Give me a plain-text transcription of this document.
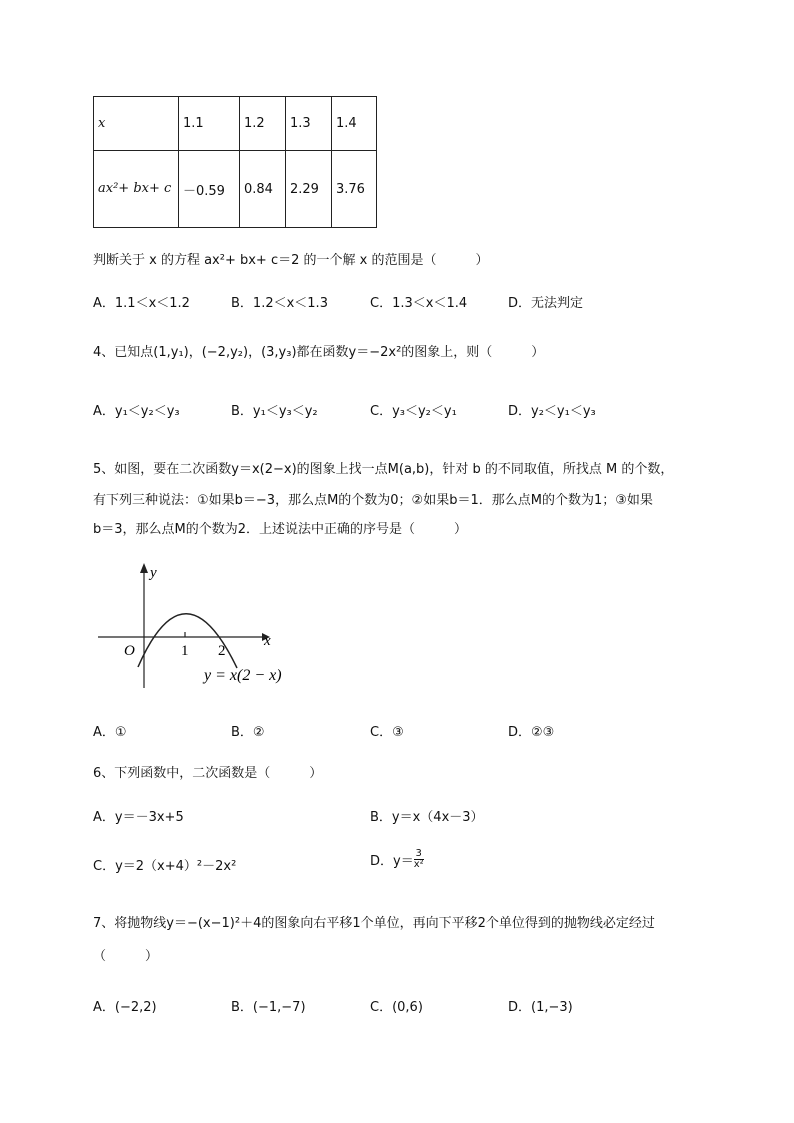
x	1.1	1.2	1.3	1.4
ax²+ bx+ c	－0.59	0.84	2.29	3.76
判断关于 x 的方程 ax²+ bx+ c＝2 的一个解 x 的范围是（　　　）
A．1.1＜x＜1.2	B．1.2＜x＜1.3	C．1.3＜x＜1.4	D．无法判定
4、已知点(1,y₁)，(−2,y₂)，(3,y₃)都在函数y＝−2x²的图象上，则（　　　）
A．y₁＜y₂＜y₃	B．y₁＜y₃＜y₂	C．y₃＜y₂＜y₁	D．y₂＜y₁＜y₃
5、如图，要在二次函数y＝x(2−x)的图象上找一点M(a,b)，针对 b 的不同取值，所找点 M 的个数，
有下列三种说法：①如果b＝−3，那么点M的个数为0；②如果b＝1．那么点M的个数为1；③如果
b＝3，那么点M的个数为2．上述说法中正确的序号是（　　　）
y
x
O	1 2
y = x(2 − x)
A．①	B．②	C．③	D．②③
6、下列函数中，二次函数是（　　　）
A．y＝－3x+5	B．y＝x（4x－3）
C．y＝2（x+4）²－2x²	D．$y= \frac{3}{\text{x²}}$
7、将抛物线y＝−(x−1)²＋4的图象向右平移1个单位，再向下平移2个单位得到的抛物线必定经过
（　　　）
A．(−2,2)	B．(−1,−7)	C．(0,6)	D．(1,−3)
